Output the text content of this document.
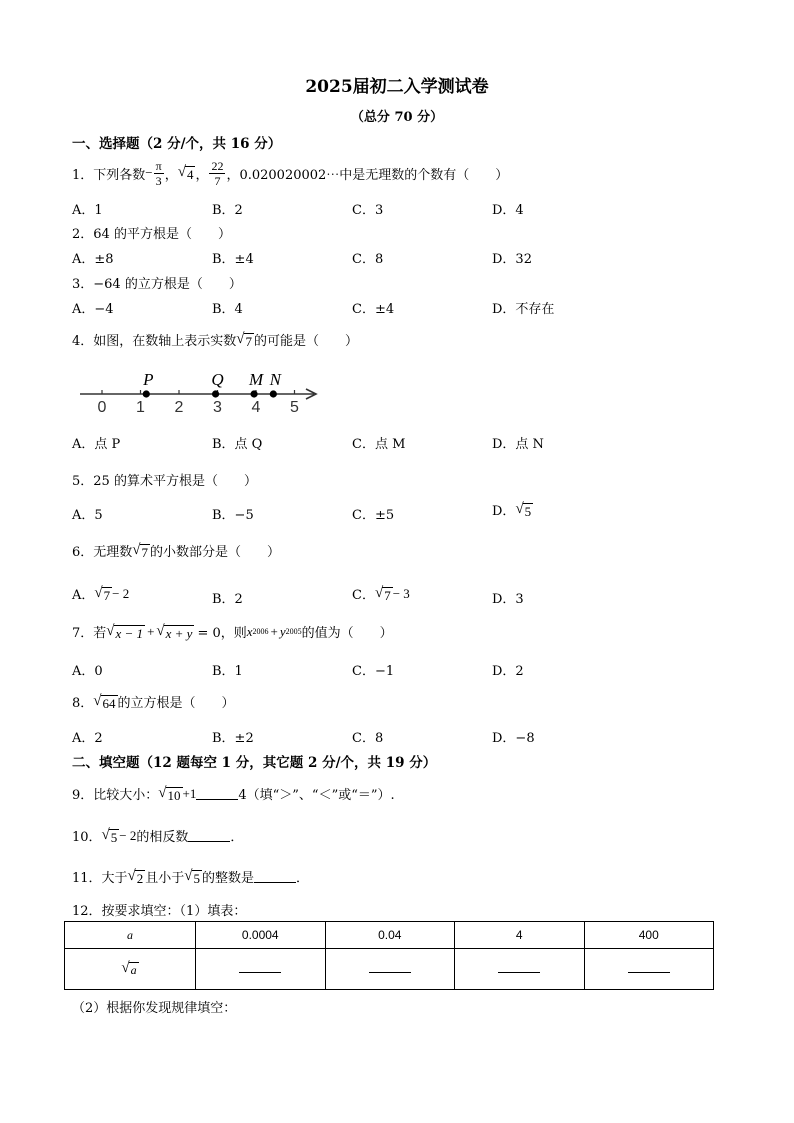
2025届初二入学测试卷
（总分 70 分）
一、选择题（2 分/个，共 16 分）
1．下列各数 − $\frac{\pi}{3}$ ， √ 4 ， $\frac{22}{7}$ ，0.020020002⋯中是无理数的个数有（　　）
A．1	B．2	C．3	D．4
2．64 的平方根是（　　）
A．±8	B．±4	C．8	D．32
3．−64 的立方根是（　　）
A．−4	B．4	C．±4	D．不存在
4．如图，在数轴上表示实数 √ 7 的可能是（　　）
0 1 2 3 4 5
P	Q M N
A．点 P	B．点 Q	C．点 M	D．点 N
5．25 的算术平方根是（　　）
A．5	B．−5	C．±5	D． √ 5
6．无理数 √ 7 的小数部分是（　　）
A． √ 7 − 2	B．2	C． √ 7 − 3	D．3
7．若 √ x − 1 + √ x + y = 0，则 x 2006 + y 2005 的值为（　　）
A．0	B．1	C．−1	D．2
8． √ 64 的立方根是（　　）
A．2	B．±2	C．8	D．−8
二、填空题（12 题每空 1 分，其它题 2 分/个，共 19 分）
9．比较大小： √ 10 +1	4（填“＞”、“＜”或“＝”）.
10． √ 5 − 2 的相反数	．
11．大于 √ 2 且小于 √ 5 的整数是	．
12．按要求填空：（1）填表：
a	0.0004	0.04	4	400

√ a				

（2）根据你发现规律填空：
